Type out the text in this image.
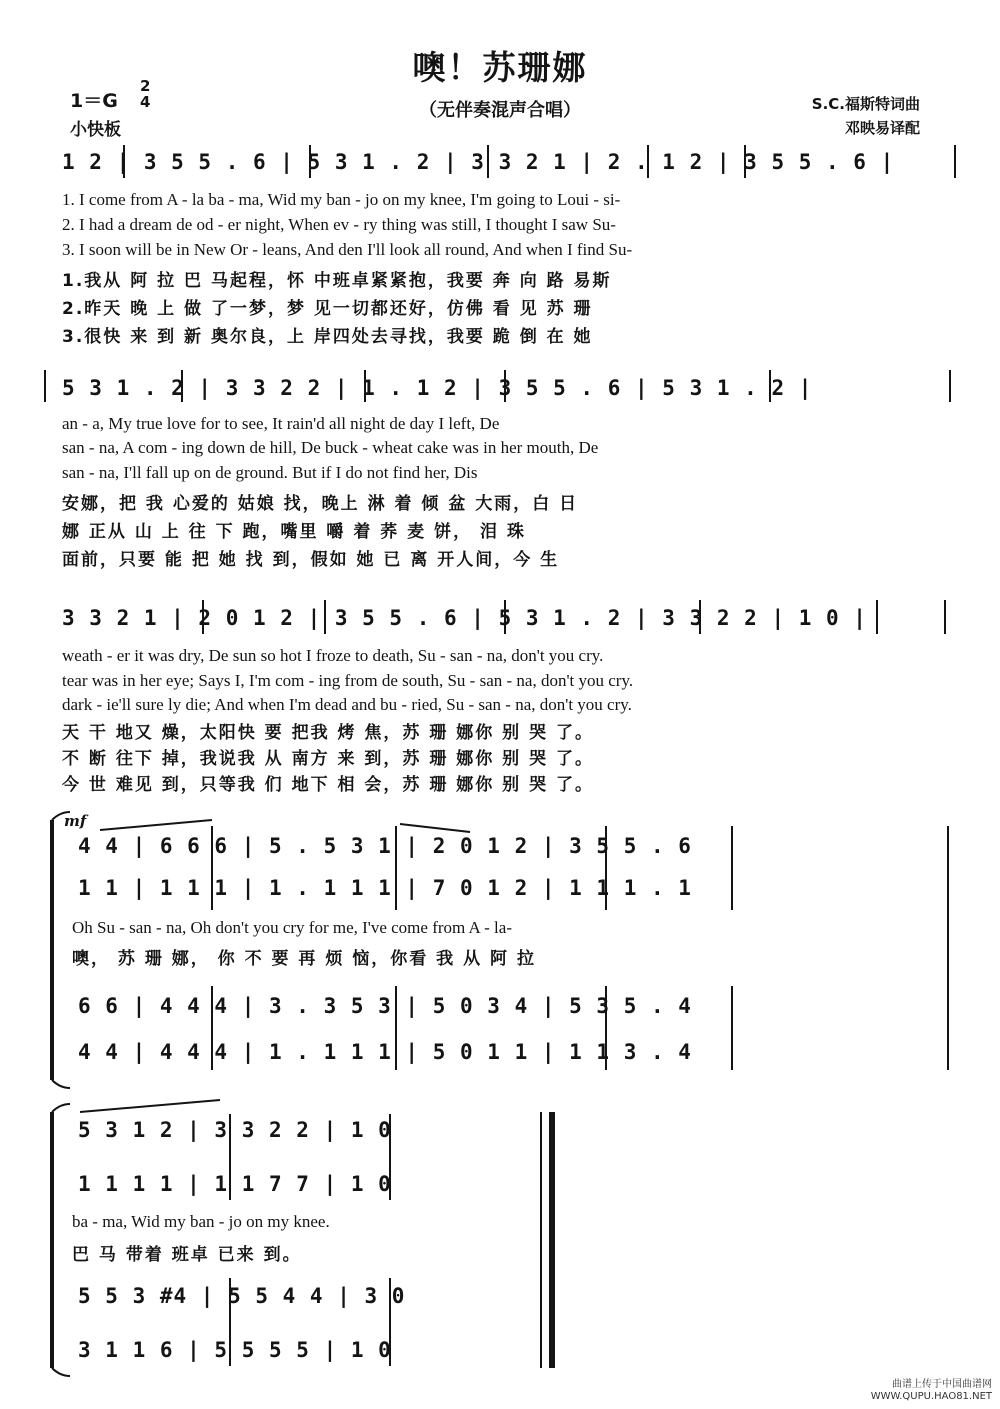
噢！苏珊娜
（无伴奏混声合唱）
1＝G
2
4
小快板
S.C.福斯特词曲
邓映易译配
1 2 | 3 5 5 . 6 | 5 3 1 . 2 | 3 3 2 1 | 2 . 1 2 | 3 5 5 . 6 |
1. I come from A - la ba - ma, Wid my ban - jo on my knee, I'm going to Loui - si-
2. I had a dream de od - er night, When ev - ry thing was still, I thought I saw Su-
3. I soon will be in New Or - leans, And den I'll look all round, And when I find Su-
1.我从 阿 拉 巴 马起程，怀 中班卓紧紧抱，我要 奔 向 路 易斯
2.昨天 晚 上 做 了一梦，梦 见一切都还好，仿佛 看 见 苏 珊
3.很快 来 到 新 奥尔良，上 岸四处去寻找，我要 跪 倒 在 她
5 3 1 . 2 | 3 3 2 2 | 1 . 1 2 | 3 5 5 . 6 | 5 3 1 . 2 |
an - a, My true love for to see, It rain'd all night de day I left, De
san - na, A com - ing down de hill, De buck - wheat cake was in her mouth, De
san - na, I'll fall up on de ground. But if I do not find her, Dis
安娜，把 我 心爱的 姑娘 找，晚上 淋 着 倾 盆 大雨，白 日
娜 正从 山 上 往 下 跑，嘴里 嚼 着 荞 麦 饼， 泪 珠
面前，只要 能 把 她 找 到，假如 她 已 离 开人间，今 生
3 3 2 1 | 2 0 1 2 | 3 5 5 . 6 | 5 3 1 . 2 | 3 3 2 2 | 1 0 |
weath - er it was dry, De sun so hot I froze to death, Su - san - na, don't you cry.
tear was in her eye; Says I, I'm com - ing from de south, Su - san - na, don't you cry.
dark - ie'll sure ly die; And when I'm dead and bu - ried, Su - san - na, don't you cry.
天 干 地又 燥，太阳快 要 把我 烤 焦，苏 珊 娜你 别 哭 了。
不 断 往下 掉，我说我 从 南方 来 到，苏 珊 娜你 别 哭 了。
今 世 难见 到，只等我 们 地下 相 会，苏 珊 娜你 别 哭 了。
mf
4 4 | 6 6 6 | 5 . 5 3 1 | 2 0 1 2 | 3 5 5 . 6
1 1 | 1 1 1 | 1 . 1 1 1 | 7 0 1 2 | 1 1 1 . 1
Oh Su - san - na, Oh don't you cry for me, I've come from A - la-
噢， 苏 珊 娜， 你 不 要 再 烦 恼，你看 我 从 阿 拉
6 6 | 4 4 4 | 3 . 3 5 3 | 5 0 3 4 | 5 3 5 . 4
4 4 | 4 4 4 | 1 . 1 1 1 | 5 0 1 1 | 1 1 3 . 4
5 3 1 2 | 3 3 2 2 | 1 0
1 1 1 1 | 1 1 7 7 | 1 0
ba - ma, Wid my ban - jo on my knee.
巴 马 带着 班卓 已来 到。
5 5 3 #4 | 5 5 4 4 | 3 0
3 1 1 6 | 5 5 5 5 | 1 0
曲谱上传于中国曲谱网
WWW.QUPU.HAO81.NET
